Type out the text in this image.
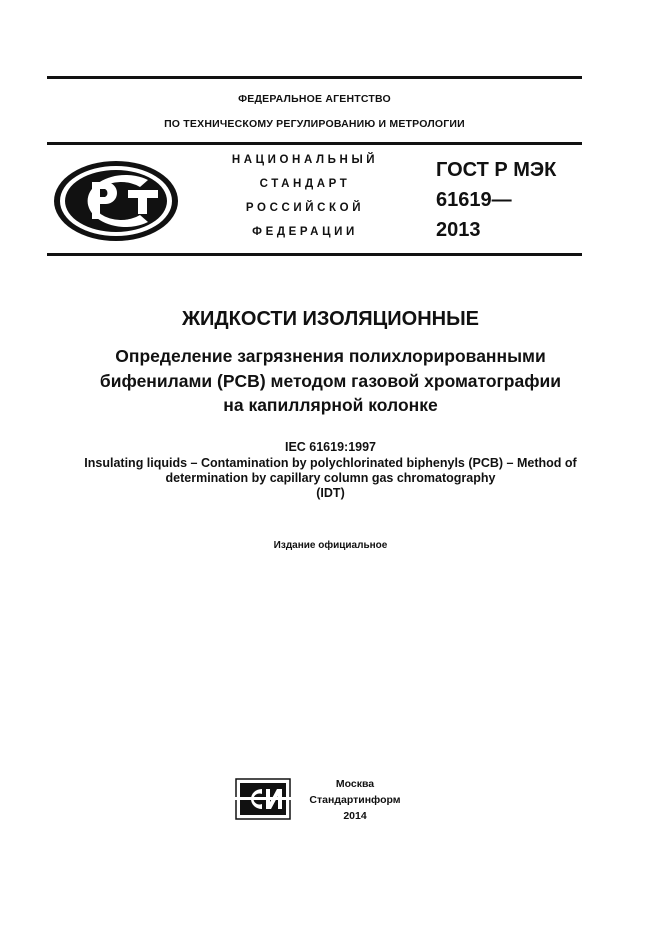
ФЕДЕРАЛЬНОЕ АГЕНТСТВО
ПО ТЕХНИЧЕСКОМУ РЕГУЛИРОВАНИЮ И МЕТРОЛОГИИ
НАЦИОНАЛЬНЫЙ
СТАНДАРТ
РОССИЙСКОЙ
ФЕДЕРАЦИИ
ГОСТ Р МЭК
61619—
2013
ЖИДКОСТИ ИЗОЛЯЦИОННЫЕ
Определение загрязнения полихлорированными
бифенилами (PCB) методом газовой хроматографии
на капиллярной колонке
IEC 61619:1997
Insulating liquids – Contamination by polychlorinated biphenyls (PCB) – Method of
determination by capillary column gas chromatography
(IDT)
Издание официальное
Москва
Стандартинформ
2014
